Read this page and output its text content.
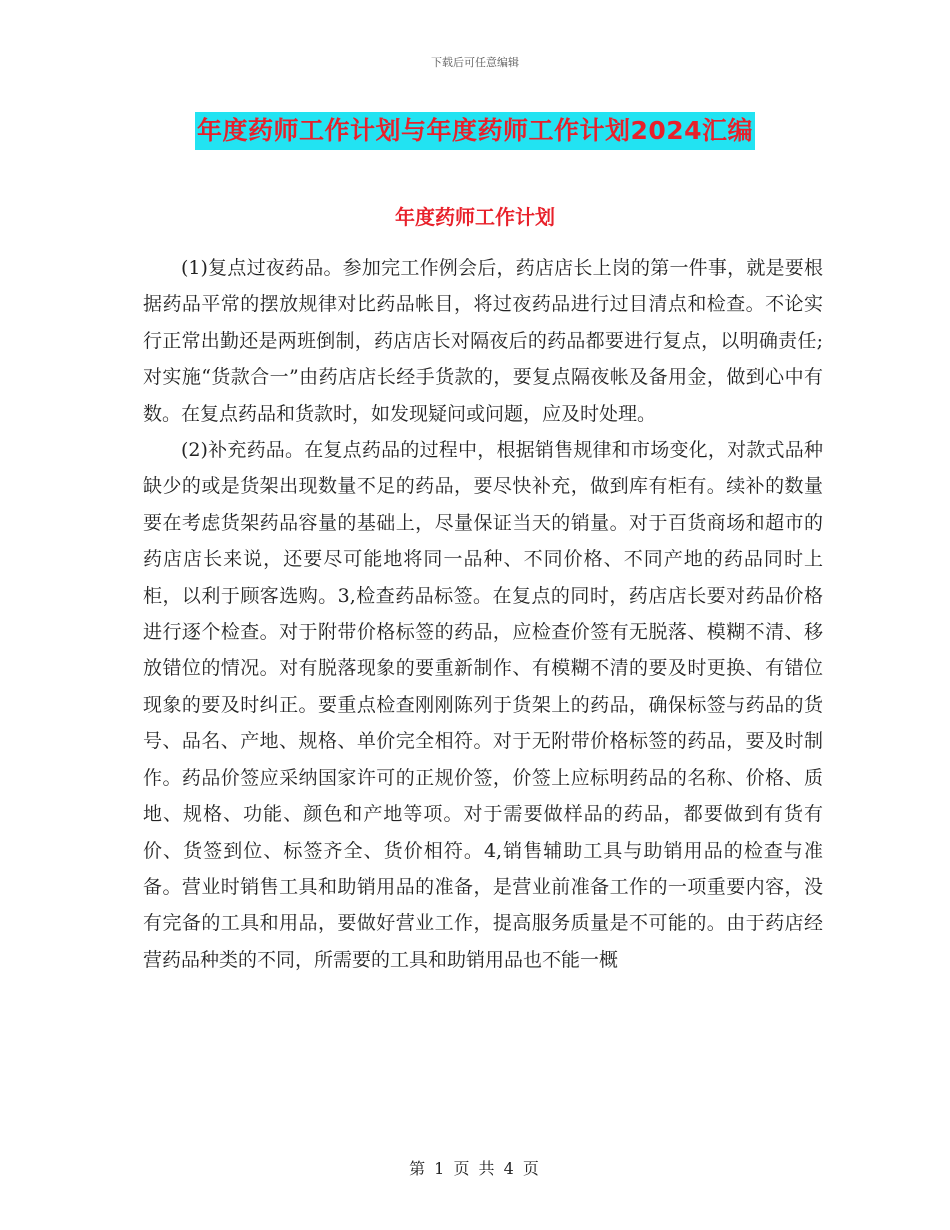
下载后可任意编辑
年度药师工作计划与年度药师工作计划2024汇编
年度药师工作计划

(1)复点过夜药品。参加完工作例会后，药店店长上岗的第一件事，就是要根据药品平常的摆放规律对比药品帐目，将过夜药品进行过目清点和检查。不论实行正常出勤还是两班倒制，药店店长对隔夜后的药品都要进行复点，以明确责任;对实施“货款合一”由药店店长经手货款的，要复点隔夜帐及备用金，做到心中有数。在复点药品和货款时，如发现疑问或问题，应及时处理。

(2)补充药品。在复点药品的过程中，根据销售规律和市场变化，对款式品种缺少的或是货架出现数量不足的药品，要尽快补充，做到库有柜有。续补的数量要在考虑货架药品容量的基础上，尽量保证当天的销量。对于百货商场和超市的药店店长来说，还要尽可能地将同一品种、不同价格、不同产地的药品同时上柜，以利于顾客选购。3,检查药品标签。在复点的同时，药店店长要对药品价格进行逐个检查。对于附带价格标签的药品，应检查价签有无脱落、模糊不清、移放错位的情况。对有脱落现象的要重新制作、有模糊不清的要及时更换、有错位现象的要及时纠正。要重点检查刚刚陈列于货架上的药品，确保标签与药品的货号、品名、产地、规格、单价完全相符。对于无附带价格标签的药品，要及时制作。药品价签应采纳国家许可的正规价签，价签上应标明药品的名称、价格、质地、规格、功能、颜色和产地等项。对于需要做样品的药品，都要做到有货有价、货签到位、标签齐全、货价相符。4,销售辅助工具与助销用品的检查与准备。营业时销售工具和助销用品的准备，是营业前准备工作的一项重要内容，没有完备的工具和用品，要做好营业工作，提高服务质量是不可能的。由于药店经营药品种类的不同，所需要的工具和助销用品也不能一概

第 1 页 共 4 页
